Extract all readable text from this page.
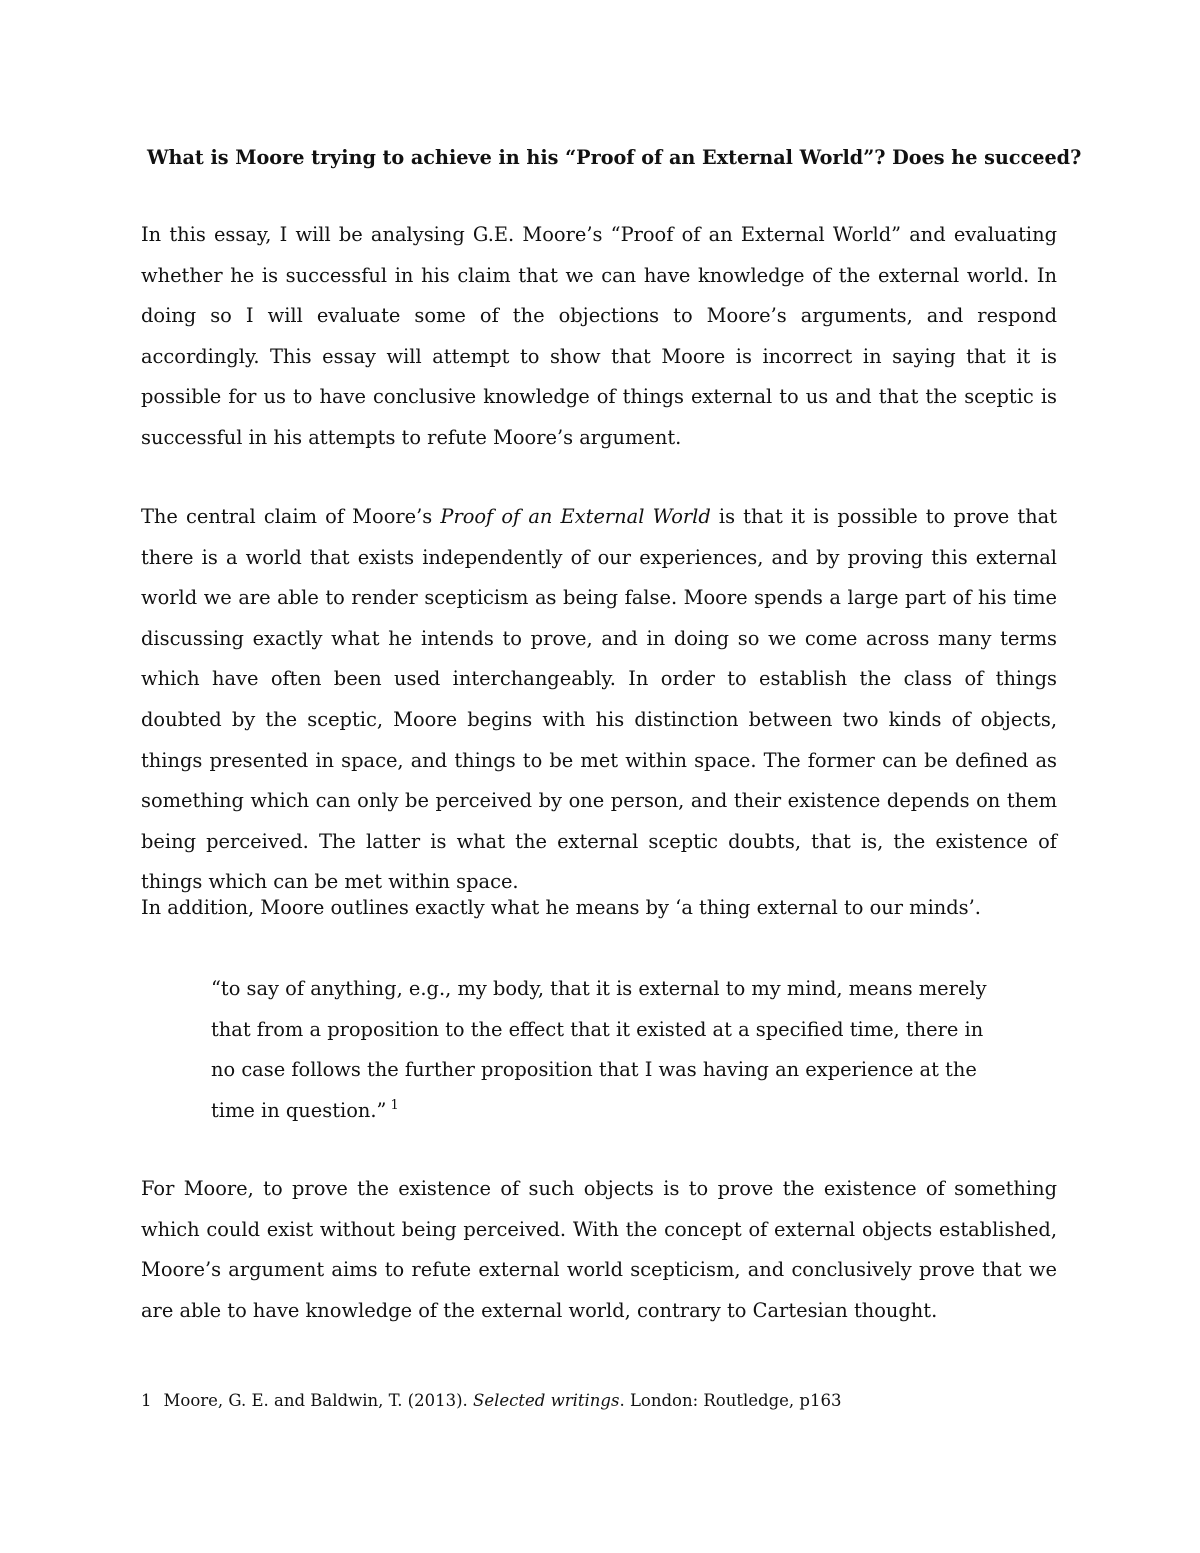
What is Moore trying to achieve in his “Proof of an External World”? Does he succeed?

In this essay, I will be analysing G.E. Moore’s “Proof of an External World” and evaluating whether he is successful in his claim that we can have knowledge of the external world. In doing so I will evaluate some of the objections to Moore’s arguments, and respond accordingly. This essay will attempt to show that Moore is incorrect in saying that it is possible for us to have conclusive knowledge of things external to us and that the sceptic is successful in his attempts to refute Moore’s argument.

The central claim of Moore’s Proof of an External World is that it is possible to prove that there is a world that exists independently of our experiences, and by proving this external world we are able to render scepticism as being false. Moore spends a large part of his time discussing exactly what he intends to prove, and in doing so we come across many terms which have often been used interchangeably. In order to establish the class of things doubted by the sceptic, Moore begins with his distinction between two kinds of objects, things presented in space, and things to be met within space. The former can be defined as something which can only be perceived by one person, and their existence depends on them being perceived. The latter is what the external sceptic doubts, that is, the existence of things which can be met within space.

In addition, Moore outlines exactly what he means by ‘a thing external to our minds’.

“to say of anything, e.g., my body, that it is external to my mind, means merely that from a proposition to the effect that it existed at a specified time, there in no case follows the further proposition that I was having an experience at the time in question.” $^1$

For Moore, to prove the existence of such objects is to prove the existence of something which could exist without being perceived. With the concept of external objects established, Moore’s argument aims to refute external world scepticism, and conclusively prove that we are able to have knowledge of the external world, contrary to Cartesian thought.

1 Moore, G. E. and Baldwin, T. (2013). Selected writings. London: Routledge, p163
